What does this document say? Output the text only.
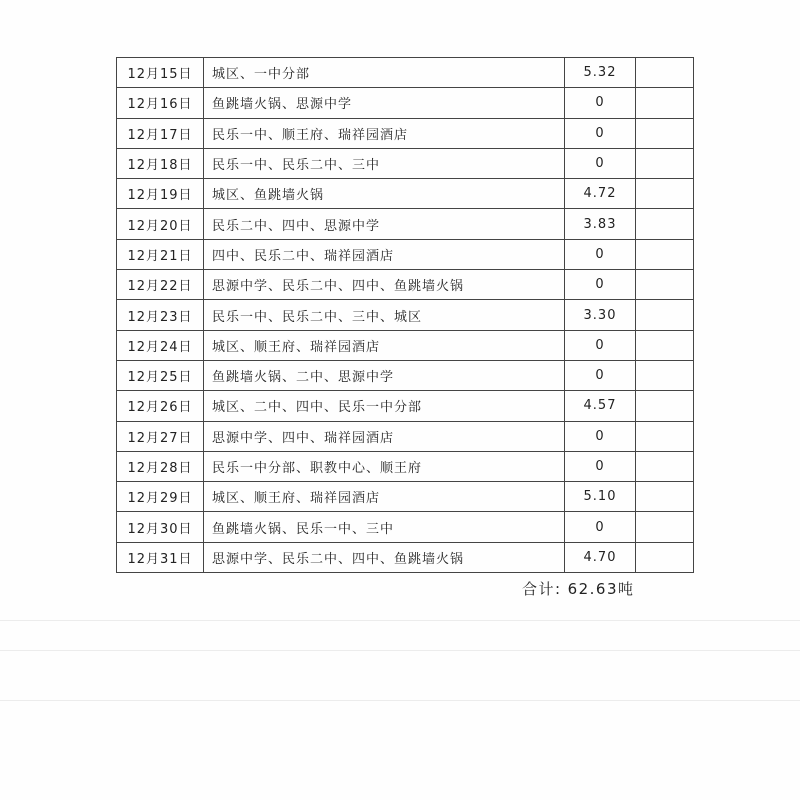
12月15日	城区、一中分部	5.32	
12月16日	鱼跳墙火锅、思源中学	0	
12月17日	民乐一中、顺王府、瑞祥园酒店	0	
12月18日	民乐一中、民乐二中、三中	0	
12月19日	城区、鱼跳墙火锅	4.72	
12月20日	民乐二中、四中、思源中学	3.83	
12月21日	四中、民乐二中、瑞祥园酒店	0	
12月22日	思源中学、民乐二中、四中、鱼跳墙火锅	0	
12月23日	民乐一中、民乐二中、三中、城区	3.30	
12月24日	城区、顺王府、瑞祥园酒店	0	
12月25日	鱼跳墙火锅、二中、思源中学	0	
12月26日	城区、二中、四中、民乐一中分部	4.57	
12月27日	思源中学、四中、瑞祥园酒店	0	
12月28日	民乐一中分部、职教中心、顺王府	0	
12月29日	城区、顺王府、瑞祥园酒店	5.10	
12月30日	鱼跳墙火锅、民乐一中、三中	0	
12月31日	思源中学、民乐二中、四中、鱼跳墙火锅	4.70	
合计: 62.63吨
